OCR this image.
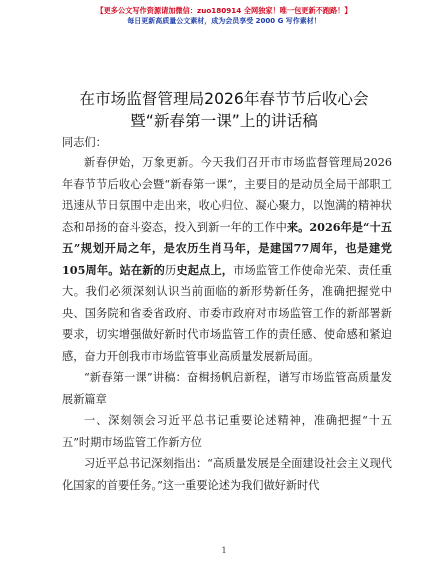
【更多公文写作资源请加微信：zuo180914 全网独家！唯一包更新不跑路！】
每日更新高质量公文素材，成为会员享受 2000 G 写作素材！
在市场监督管理局2026年春节节后收心会
暨“新春第一课”上的讲话稿

同志们：

新春伊始，万象更新。今天我们召开市市场监督管理局2026年春节节后收心会暨“新春第一课”，主要目的是动员全局干部职工迅速从节日氛围中走出来，收心归位、凝心聚力，以饱满的精神状态和昂扬的奋斗姿态，投入到新一年的工作中来。2026年是“十五五”规划开局之年，是农历生肖马年，是建国77周年，也是建党105周年。站在新的历史起点上，市场监管工作使命光荣、责任重大。我们必须深刻认识当前面临的新形势新任务，准确把握党中央、国务院和省委省政府、市委市政府对市场监管工作的新部署新要求，切实增强做好新时代市场监管工作的责任感、使命感和紧迫感，奋力开创我市市场监管事业高质量发展新局面。

“新春第一课”讲稿：奋楫扬帆启新程，谱写市场监管高质量发展新篇章

一、深刻领会习近平总书记重要论述精神，准确把握“十五五”时期市场监管工作新方位

习近平总书记深刻指出：“高质量发展是全面建设社会主义现代化国家的首要任务。”这一重要论述为我们做好新时代

1
